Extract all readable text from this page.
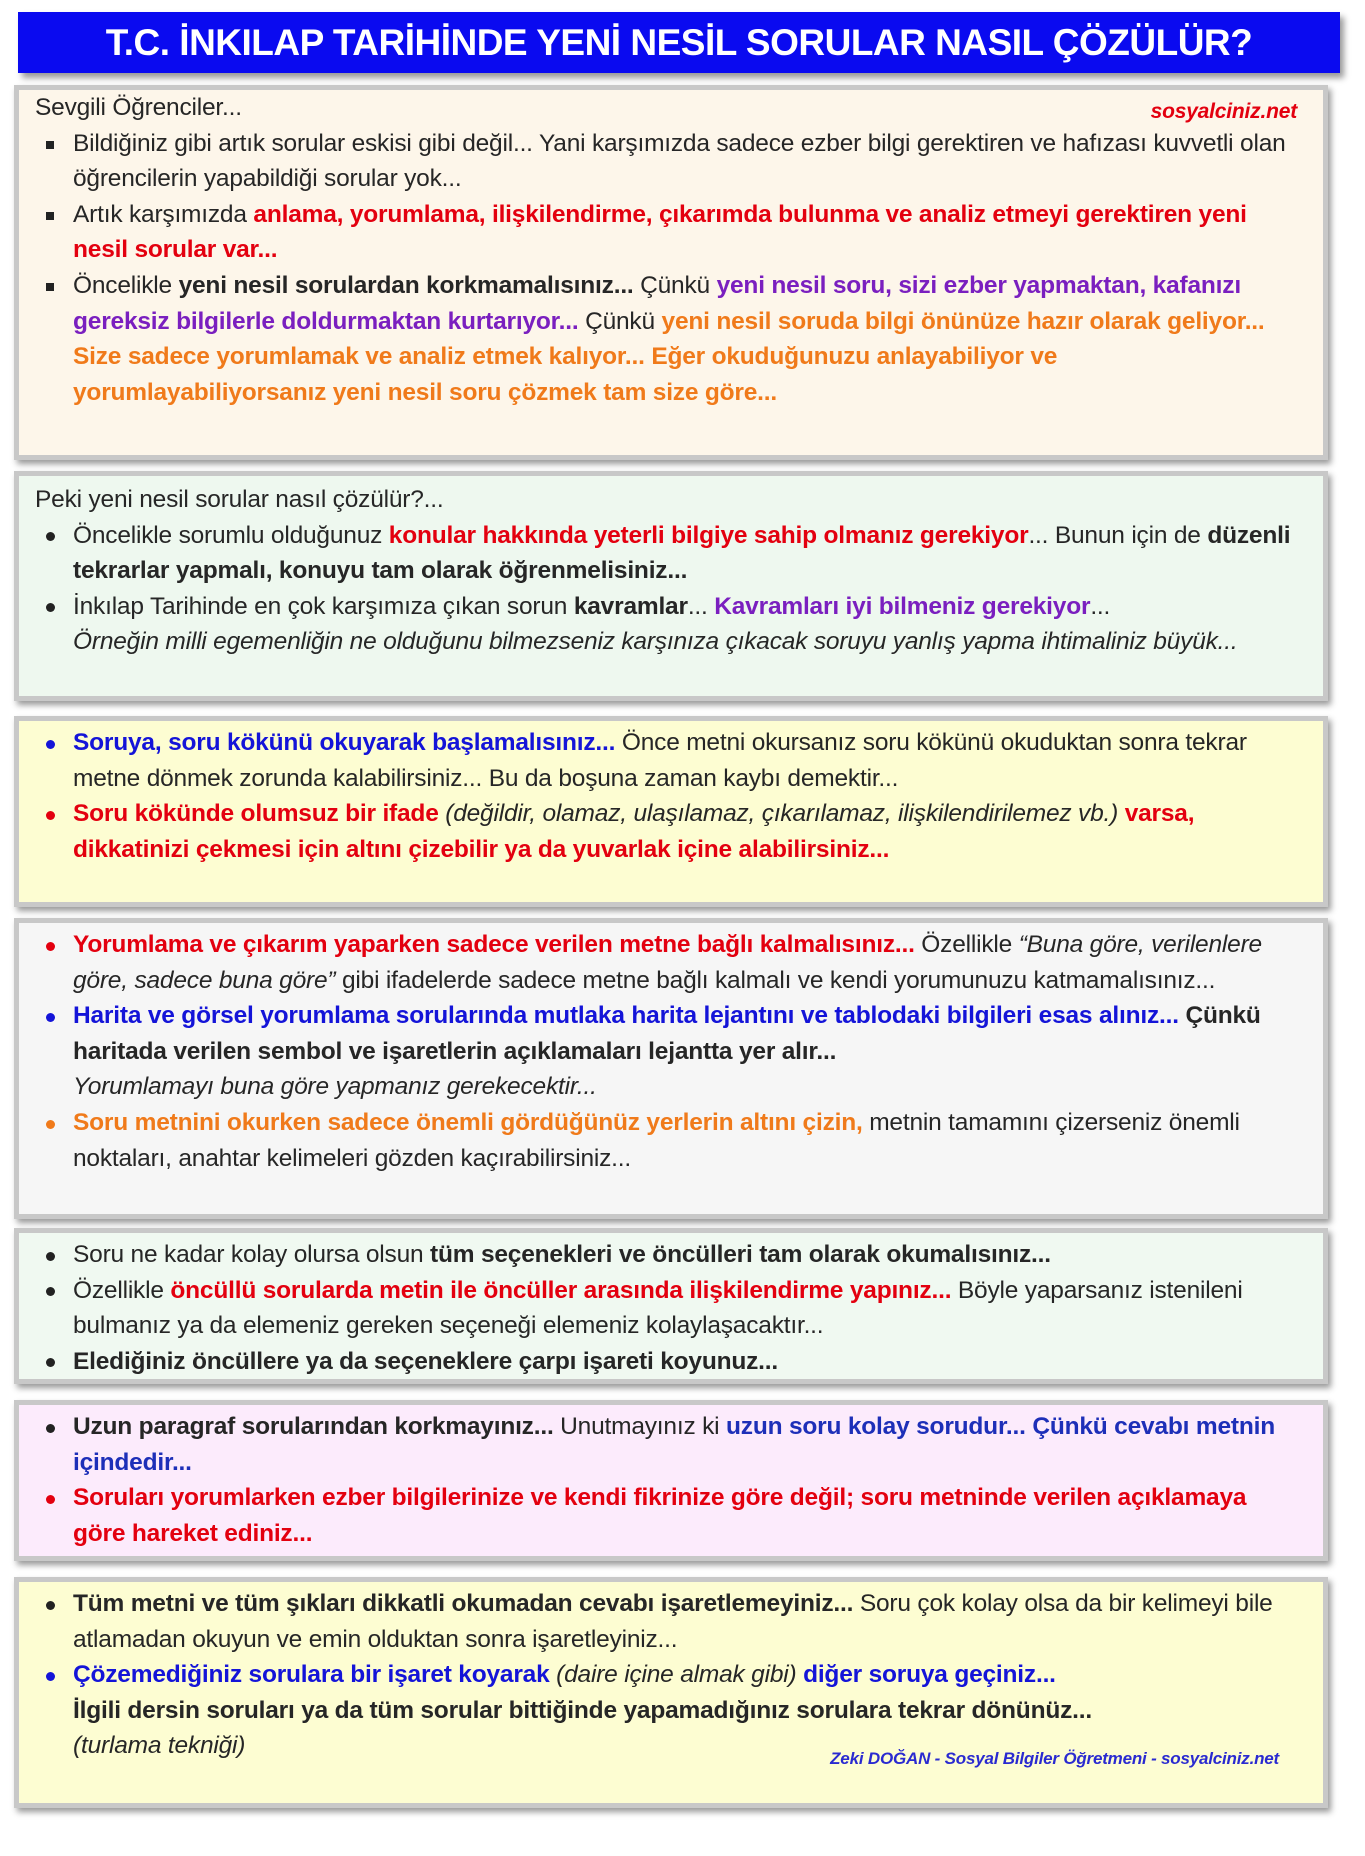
T.C. İNKILAP TARİHİNDE YENİ NESİL SORULAR NASIL ÇÖZÜLÜR?
sosyalciniz.net
Sevgili Öğrenciler...
Bildiğiniz gibi artık sorular eskisi gibi değil... Yani karşımızda sadece ezber bilgi gerektiren ve hafızası kuvvetli olan öğrencilerin yapabildiği sorular yok...
Artık karşımızda anlama, yorumlama, ilişkilendirme, çıkarımda bulunma ve analiz etmeyi gerektiren yeni nesil sorular var...
Öncelikle yeni nesil sorulardan korkmamalısınız... Çünkü yeni nesil soru, sizi ezber yapmaktan, kafanızı gereksiz bilgilerle doldurmaktan kurtarıyor... Çünkü yeni nesil soruda bilgi önünüze hazır olarak geliyor... Size sadece yorumlamak ve analiz etmek kalıyor... Eğer okuduğunuzu anlayabiliyor ve yorumlayabiliyorsanız yeni nesil soru çözmek tam size göre...
Peki yeni nesil sorular nasıl çözülür?...
Öncelikle sorumlu olduğunuz konular hakkında yeterli bilgiye sahip olmanız gerekiyor... Bunun için de düzenli tekrarlar yapmalı, konuyu tam olarak öğrenmelisiniz...
İnkılap Tarihinde en çok karşımıza çıkan sorun kavramlar... Kavramları iyi bilmeniz gerekiyor...
Örneğin milli egemenliğin ne olduğunu bilmezseniz karşınıza çıkacak soruyu yanlış yapma ihtimaliniz büyük...
Soruya, soru kökünü okuyarak başlamalısınız... Önce metni okursanız soru kökünü okuduktan sonra tekrar metne dönmek zorunda kalabilirsiniz... Bu da boşuna zaman kaybı demektir...
Soru kökünde olumsuz bir ifade (değildir, olamaz, ulaşılamaz, çıkarılamaz, ilişkilendirilemez vb.) varsa, dikkatinizi çekmesi için altını çizebilir ya da yuvarlak içine alabilirsiniz...
Yorumlama ve çıkarım yaparken sadece verilen metne bağlı kalmalısınız... Özellikle “Buna göre, verilenlere göre, sadece buna göre” gibi ifadelerde sadece metne bağlı kalmalı ve kendi yorumunuzu katmamalısınız...
Harita ve görsel yorumlama sorularında mutlaka harita lejantını ve tablodaki bilgileri esas alınız... Çünkü haritada verilen sembol ve işaretlerin açıklamaları lejantta yer alır...
Yorumlamayı buna göre yapmanız gerekecektir...
Soru metnini okurken sadece önemli gördüğünüz yerlerin altını çizin, metnin tamamını çizerseniz önemli noktaları, anahtar kelimeleri gözden kaçırabilirsiniz...
Soru ne kadar kolay olursa olsun tüm seçenekleri ve öncülleri tam olarak okumalısınız...
Özellikle öncüllü sorularda metin ile öncüller arasında ilişkilendirme yapınız... Böyle yaparsanız istenileni bulmanız ya da elemeniz gereken seçeneği elemeniz kolaylaşacaktır...
Elediğiniz öncüllere ya da seçeneklere çarpı işareti koyunuz...
Uzun paragraf sorularından korkmayınız... Unutmayınız ki uzun soru kolay sorudur... Çünkü cevabı metnin içindedir...
Soruları yorumlarken ezber bilgilerinize ve kendi fikrinize göre değil; soru metninde verilen açıklamaya göre hareket ediniz...
Tüm metni ve tüm şıkları dikkatli okumadan cevabı işaretlemeyiniz... Soru çok kolay olsa da bir kelimeyi bile atlamadan okuyun ve emin olduktan sonra işaretleyiniz...
Çözemediğiniz sorulara bir işaret koyarak (daire içine almak gibi) diğer soruya geçiniz...
İlgili dersin soruları ya da tüm sorular bittiğinde yapamadığınız sorulara tekrar dönünüz...
(turlama tekniği)	Zeki DOĞAN - Sosyal Bilgiler Öğretmeni - sosyalciniz.net
